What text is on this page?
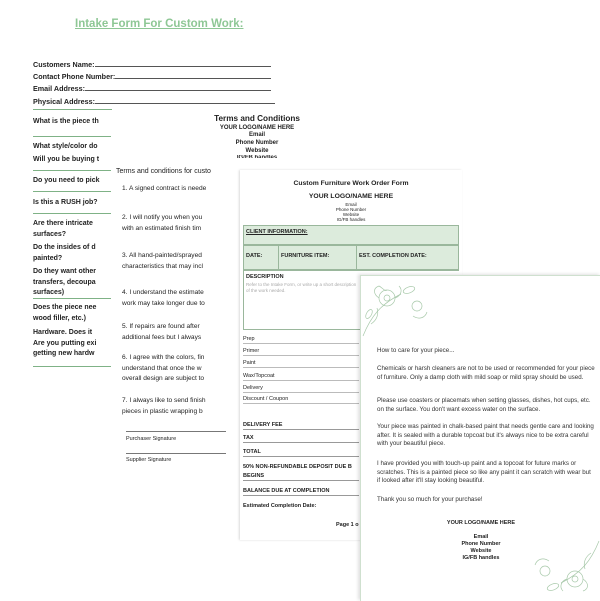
Intake Form For Custom Work:
Customers Name:
Contact Phone Number:
Email Address:
Physical Address:
What is the piece th
What style/color do
Will you be buying t
Do you need to pick
Is this a RUSH job?
Are there intricate
surfaces?
Do the insides of d
painted?
Do they want other
transfers, decoupa
surfaces)
Does the piece nee
wood filler, etc.)
Hardware. Does it
Are you putting exi
getting new hardw
Terms and Conditions
YOUR LOGO/NAME HERE
Email
Phone Number
Website
IG/FB handles
Terms and conditions for custo
1. A signed contract is neede
2. I will notify you when you
with an estimated finish tim
3. All hand-painted/sprayed
characteristics that may incl
4. I understand the estimate
work may take longer due to
5. If repairs are found after
additional fees but I always
6. I agree with the colors, fin
understand that once the w
overall design are subject to
7. I always like to send finish
pieces in plastic wrapping b
Purchaser Signature
Supplier Signature
Custom Furniture Work Order Form
YOUR LOGO/NAME HERE
Email
Phone Number
Website
IG/FB handles
CLIENT INFORMATION:
DATE:	FURNITURE ITEM:	EST. COMPLETION DATE:
DESCRIPTION
Refer to the Intake Form, or write up a short description of the work needed.
Prep
Primer
Paint
Wax/Topcoat
Delivery
Discount / Coupon
DELIVERY FEE
TAX
TOTAL
50% NON-REFUNDABLE DEPOSIT DUE B
BEGINS
BALANCE DUE AT COMPLETION
Estimated Completion Date:
Page 1 o
How to care for your piece...
Chemicals or harsh cleaners are not to be used or recommended for your piece of furniture. Only a damp cloth with mild soap or mild spray should be used.
Please use coasters or placemats when setting glasses, dishes, hot cups, etc. on the surface. You don't want excess water on the surface.
Your piece was painted in chalk-based paint that needs gentle care and looking after. It is sealed with a durable topcoat but it's always nice to be extra careful with your beautiful piece.
I have provided you with touch-up paint and a topcoat for future marks or scratches. This is a painted piece so like any paint it can scratch with wear but if looked after it'll stay looking beautiful.
Thank you so much for your purchase!
YOUR LOGO/NAME HERE
Email
Phone Number
Website
IG/FB handles
